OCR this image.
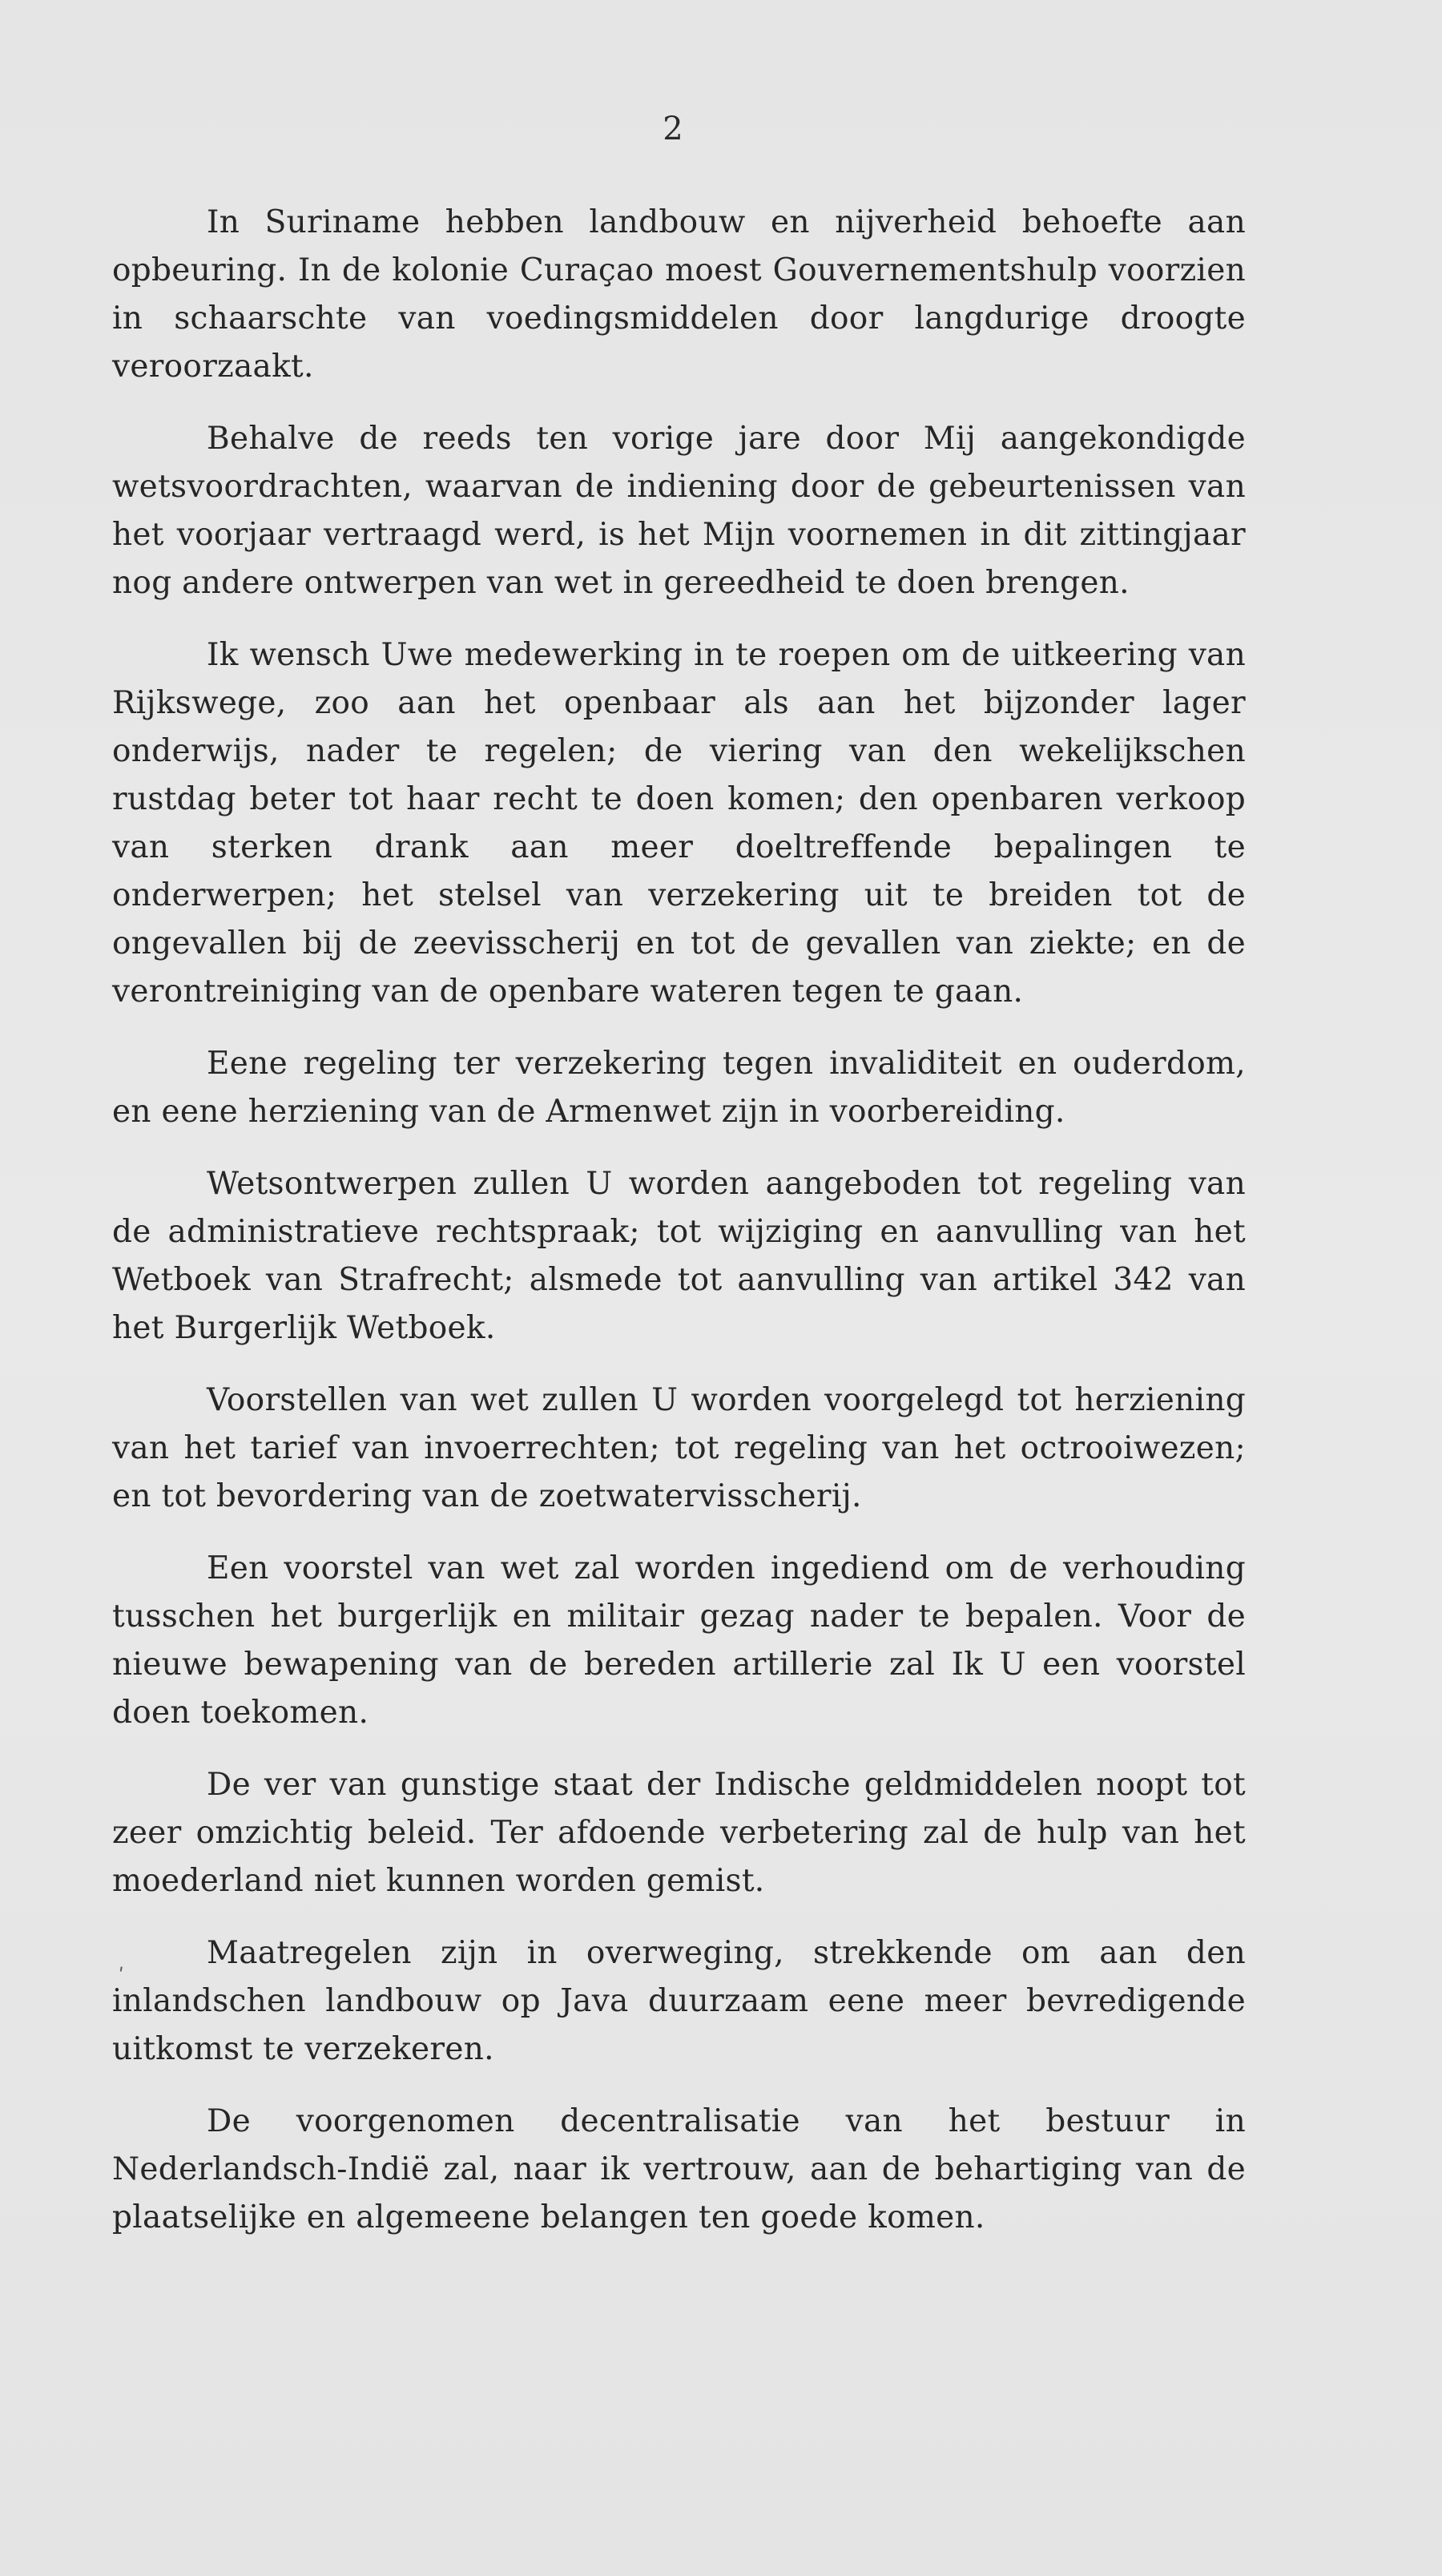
2

In Suriname hebben landbouw en nijverheid behoefte aan opbeuring. In de kolonie Curaçao moest Gouvernementshulp voorzien in schaarschte van voedingsmiddelen door langdurige droogte veroorzaakt.

Behalve de reeds ten vorige jare door Mij aangekondigde wetsvoordrachten, waarvan de indiening door de gebeurtenissen van het voorjaar vertraagd werd, is het Mijn voornemen in dit zittingjaar nog andere ontwerpen van wet in gereedheid te doen brengen.

Ik wensch Uwe medewerking in te roepen om de uitkeering van Rijkswege, zoo aan het openbaar als aan het bijzonder lager onderwijs, nader te regelen; de viering van den wekelijkschen rustdag beter tot haar recht te doen komen; den openbaren verkoop van sterken drank aan meer doeltreffende bepalingen te onderwerpen; het stelsel van verzekering uit te breiden tot de ongevallen bij de zeevisscherij en tot de gevallen van ziekte; en de verontreiniging van de openbare wateren tegen te gaan.

Eene regeling ter verzekering tegen invaliditeit en ouderdom, en eene herziening van de Armenwet zijn in voorbereiding.

Wetsontwerpen zullen U worden aangeboden tot regeling van de administratieve rechtspraak; tot wijziging en aanvulling van het Wetboek van Strafrecht; alsmede tot aanvulling van artikel 342 van het Burgerlijk Wetboek.

Voorstellen van wet zullen U worden voorgelegd tot herziening van het tarief van invoerrechten; tot regeling van het octrooiwezen; en tot bevordering van de zoetwatervisscherij.

Een voorstel van wet zal worden ingediend om de verhouding tusschen het burgerlijk en militair gezag nader te bepalen. Voor de nieuwe bewapening van de bereden artillerie zal Ik U een voorstel doen toekomen.

De ver van gunstige staat der Indische geldmiddelen noopt tot zeer omzichtig beleid. Ter afdoende verbetering zal de hulp van het moederland niet kunnen worden gemist.

Maatregelen zijn in overweging, strekkende om aan den inlandschen landbouw op Java duurzaam eene meer bevredigende uitkomst te verzekeren.

De voorgenomen decentralisatie van het bestuur in Nederlandsch-Indië zal, naar ik vertrouw, aan de behartiging van de plaatselijke en algemeene belangen ten goede komen.

ʹ
